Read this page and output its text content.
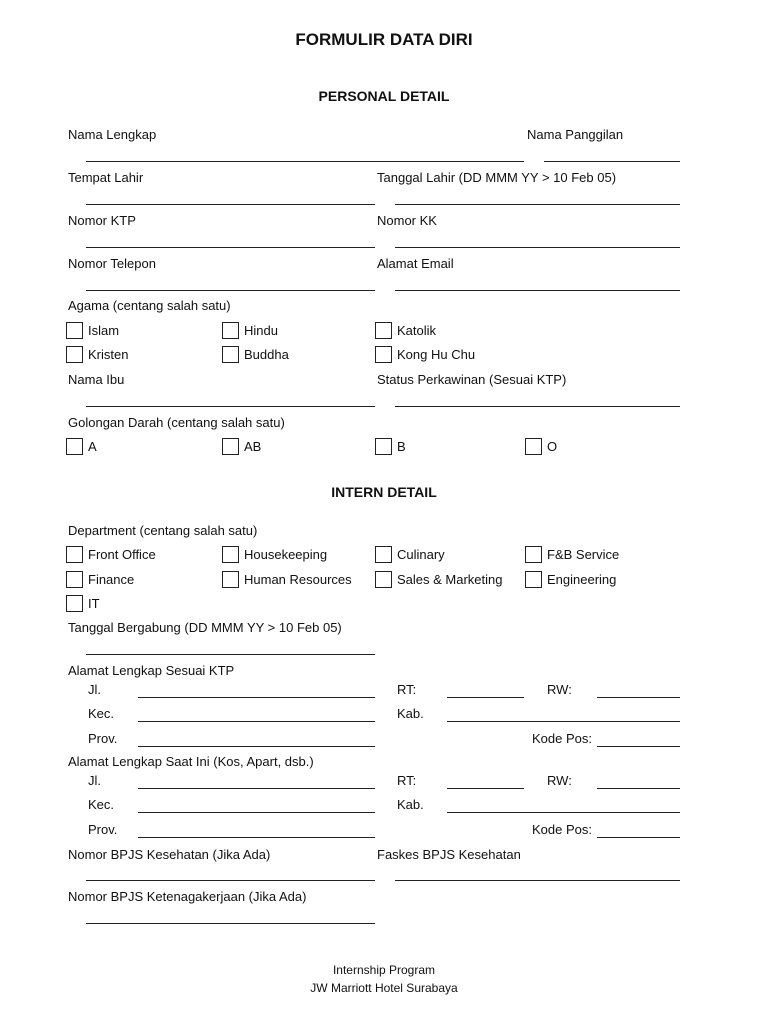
FORMULIR DATA DIRI
PERSONAL DETAIL
Nama Lengkap	Nama Panggilan
Tempat Lahir	Tanggal Lahir (DD MMM YY > 10 Feb 05)
Nomor KTP	Nomor KK
Nomor Telepon	Alamat Email
Agama (centang salah satu)
Islam	Hindu	Katolik
Kristen	Buddha	Kong Hu Chu
Nama Ibu	Status Perkawinan (Sesuai KTP)
Golongan Darah (centang salah satu)
A	AB	B	O
INTERN DETAIL
Department (centang salah satu)
Front Office	Housekeeping	Culinary	F&B Service
Finance	Human Resources	Sales & Marketing	Engineering
IT
Tanggal Bergabung (DD MMM YY > 10 Feb 05)
Alamat Lengkap Sesuai KTP
Jl.	RT:	RW:
Kec.	Kab.
Prov.	Kode Pos:
Alamat Lengkap Saat Ini (Kos, Apart, dsb.)
Jl.	RT:	RW:
Kec.	Kab.
Prov.	Kode Pos:
Nomor BPJS Kesehatan (Jika Ada)	Faskes BPJS Kesehatan
Nomor BPJS Ketenagakerjaan (Jika Ada)
Internship Program
JW Marriott Hotel Surabaya
